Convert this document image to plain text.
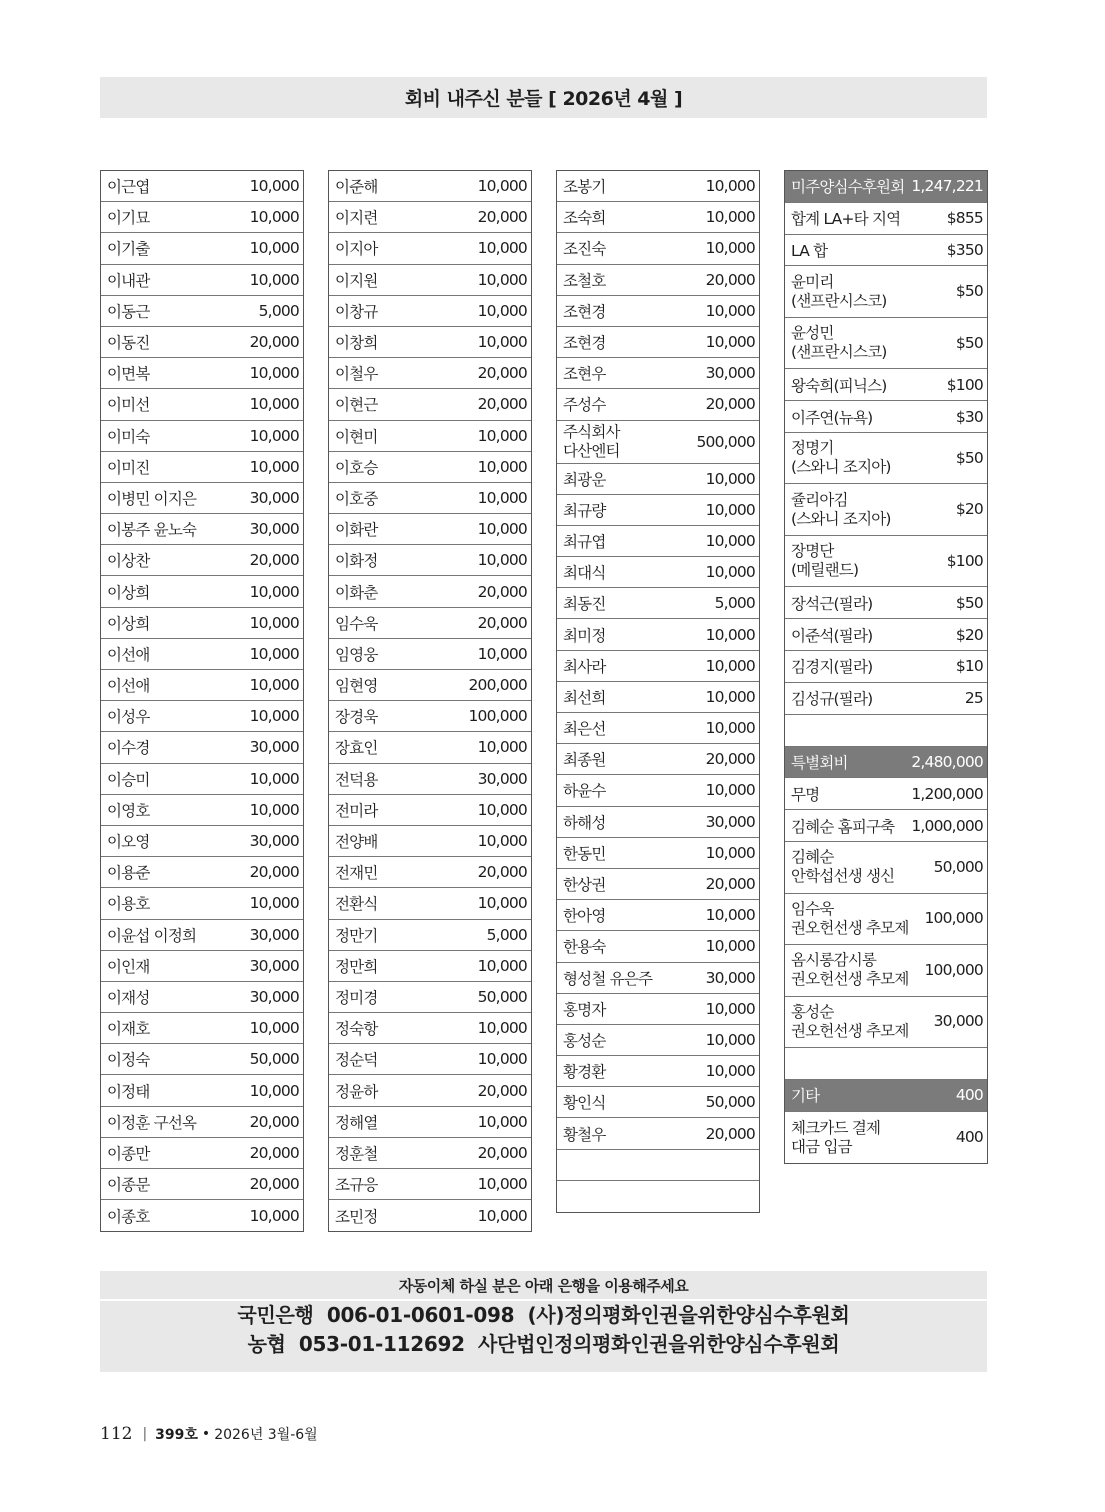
회비 내주신 분들 [ 2026년 4월 ]
이근엽	10,000
이기묘	10,000
이기출	10,000
이내관	10,000
이동근	5,000
이동진	20,000
이면복	10,000
이미선	10,000
이미숙	10,000
이미진	10,000
이병민 이지은	30,000
이봉주 윤노숙	30,000
이상찬	20,000
이상희	10,000
이상희	10,000
이선애	10,000
이선애	10,000
이성우	10,000
이수경	30,000
이승미	10,000
이영호	10,000
이오영	30,000
이용준	20,000
이용호	10,000
이윤섭 이정희	30,000
이인재	30,000
이재성	30,000
이재호	10,000
이정숙	50,000
이정태	10,000
이정훈 구선옥	20,000
이종만	20,000
이종문	20,000
이종호	10,000
이준해	10,000
이지련	20,000
이지아	10,000
이지원	10,000
이창규	10,000
이창희	10,000
이철우	20,000
이현근	20,000
이현미	10,000
이호승	10,000
이호중	10,000
이화란	10,000
이화정	10,000
이화춘	20,000
임수욱	20,000
임영웅	10,000
임현영	200,000
장경욱	100,000
장효인	10,000
전덕용	30,000
전미라	10,000
전양배	10,000
전재민	20,000
전환식	10,000
정만기	5,000
정만희	10,000
정미경	50,000
정숙항	10,000
정순덕	10,000
정윤하	20,000
정해열	10,000
정훈철	20,000
조규응	10,000
조민정	10,000
조봉기	10,000
조숙희	10,000
조진숙	10,000
조철호	20,000
조현경	10,000
조현경	10,000
조현우	30,000
주성수	20,000
주식회사
다산엔티	500,000
최광운	10,000
최규량	10,000
최규엽	10,000
최대식	10,000
최동진	5,000
최미정	10,000
최사라	10,000
최선희	10,000
최은선	10,000
최종원	20,000
하윤수	10,000
하해성	30,000
한동민	10,000
한상권	20,000
한아영	10,000
한용숙	10,000
형성철 유은주	30,000
홍명자	10,000
홍성순	10,000
황경환	10,000
황인식	50,000
황철우	20,000
미주양심수후원회 1,247,221
합계 LA+타 지역	$855
LA 합	$350
윤미리
(샌프란시스코)
$50
윤성민
(샌프란시스코)
$50
왕숙희(피닉스)	$100
이주연(뉴욕)	$30
정명기
(스와니 조지아)
$50
쥴리아김
(스와니 조지아)
$20
장명단
(메릴랜드)
$100
장석근(필라)	$50
이준석(필라)	$20
김경지(필라)	$10
김성규(필라)	25
특별회비	2,480,000
무명	1,200,000
김혜순 홈피구축 1,000,000
김혜순
안학섭선생 생신
50,000
임수욱
권오헌선생 추모제
100,000
옴시롱감시롱
권오헌선생 추모제
100,000
홍성순
권오헌선생 추모제
30,000
기타	400
체크카드 결제
대금 입금
400
자동이체 하실 분은 아래 은행을 이용해주세요
국민은행  006-01-0601-098  (사)정의평화인권을위한양심수후원회
농협  053-01-112692  사단법인정의평화인권을위한양심수후원회
112 | 399호 • 2026년 3월-6월
